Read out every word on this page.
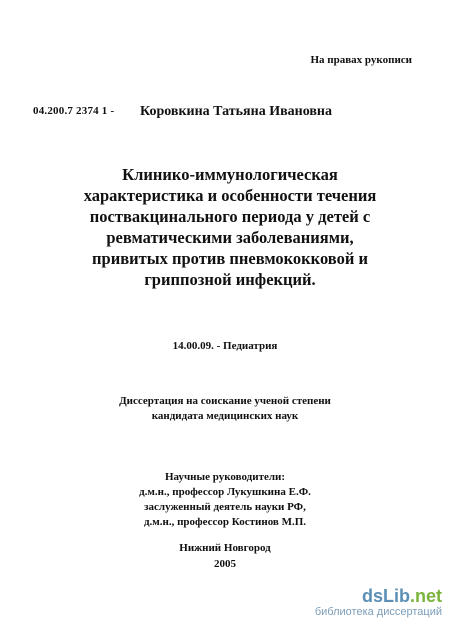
На правах рукописи
04.200.7 2374 1 - Коровкина Татьяна Ивановна
Клинико-иммунологическая
характеристика и особенности течения
поствакцинального периода у детей с
ревматическими заболеваниями,
привитых против пневмококковой и
гриппозной инфекций.
14.00.09. - Педиатрия
Диссертация на соискание ученой степени
кандидата медицинских наук
Научные руководители:
д.м.н., профессор Лукушкина Е.Ф.
заслуженный деятель науки РФ,
д.м.н., профессор Костинов М.П.
Нижний Новгород
2005
dsLib.net
библиотека диссертаций
